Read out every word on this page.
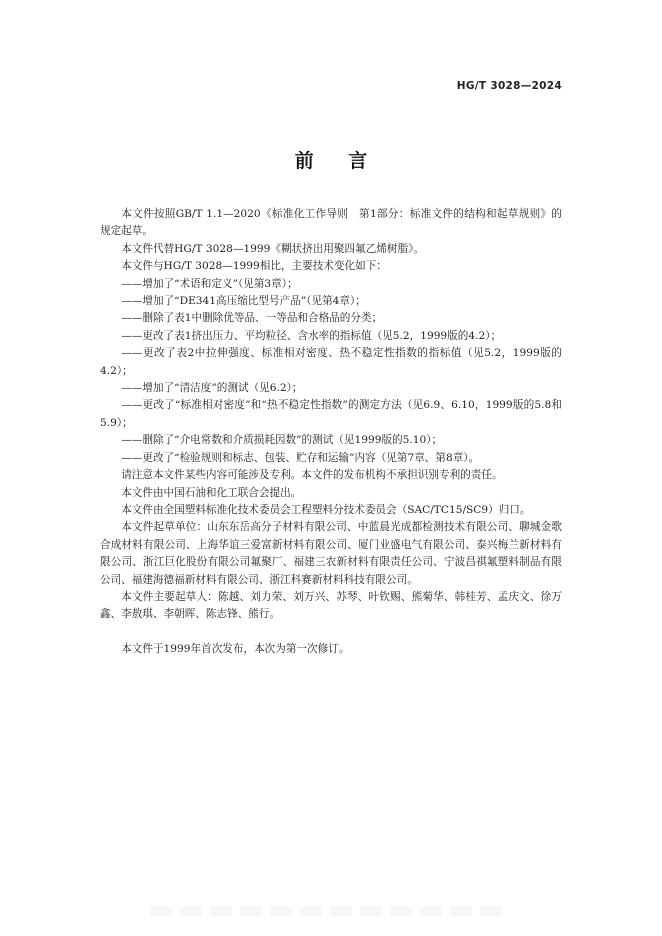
HG/T 3028—2024
前 言

本文件按照GB/T 1.1—2020《标准化工作导则　第1部分：标准文件的结构和起草规则》的规定起草。

本文件代替HG/T 3028—1999《糊状挤出用聚四氟乙烯树脂》。

本文件与HG/T 3028—1999相比，主要技术变化如下：

——增加了“术语和定义”（见第3章）；

——增加了“DE341高压缩比型号产品”（见第4章）；

——删除了表1中删除优等品、一等品和合格品的分类；

——更改了表1挤出压力、平均粒径、含水率的指标值（见5.2，1999版的4.2）；

——更改了表2中拉伸强度、标准相对密度、热不稳定性指数的指标值（见5.2，1999版的4.2）；

——增加了“清洁度”的测试（见6.2）；

——更改了“标准相对密度”和“热不稳定性指数”的测定方法（见6.9、6.10，1999版的5.8和5.9）；

——删除了“介电常数和介质损耗因数”的测试（见1999版的5.10）；

——更改了“检验规则和标志、包装、贮存和运输”内容（见第7章、第8章）。

请注意本文件某些内容可能涉及专利。本文件的发布机构不承担识别专利的责任。

本文件由中国石油和化工联合会提出。

本文件由全国塑料标准化技术委员会工程塑料分技术委员会（SAC/TC15/SC9）归口。

本文件起草单位：山东东岳高分子材料有限公司、中蓝晨光成都检测技术有限公司、聊城金歌合成材料有限公司、上海华谊三爱富新材料有限公司、厦门业盛电气有限公司、泰兴梅兰新材料有限公司、浙江巨化股份有限公司氟聚厂、福建三农新材料有限责任公司、宁波昌祺氟塑料制品有限公司、福建海德福新材料有限公司、浙江科赛新材料科技有限公司。

本文件主要起草人：陈越、刘力荣、刘万兴、苏琴、叶钦赐、熊菊华、韩桂芳、孟庆文、徐万鑫、李敖琪、李朝晖、陈志锋、熊行。

本文件于1999年首次发布，本次为第一次修订。
